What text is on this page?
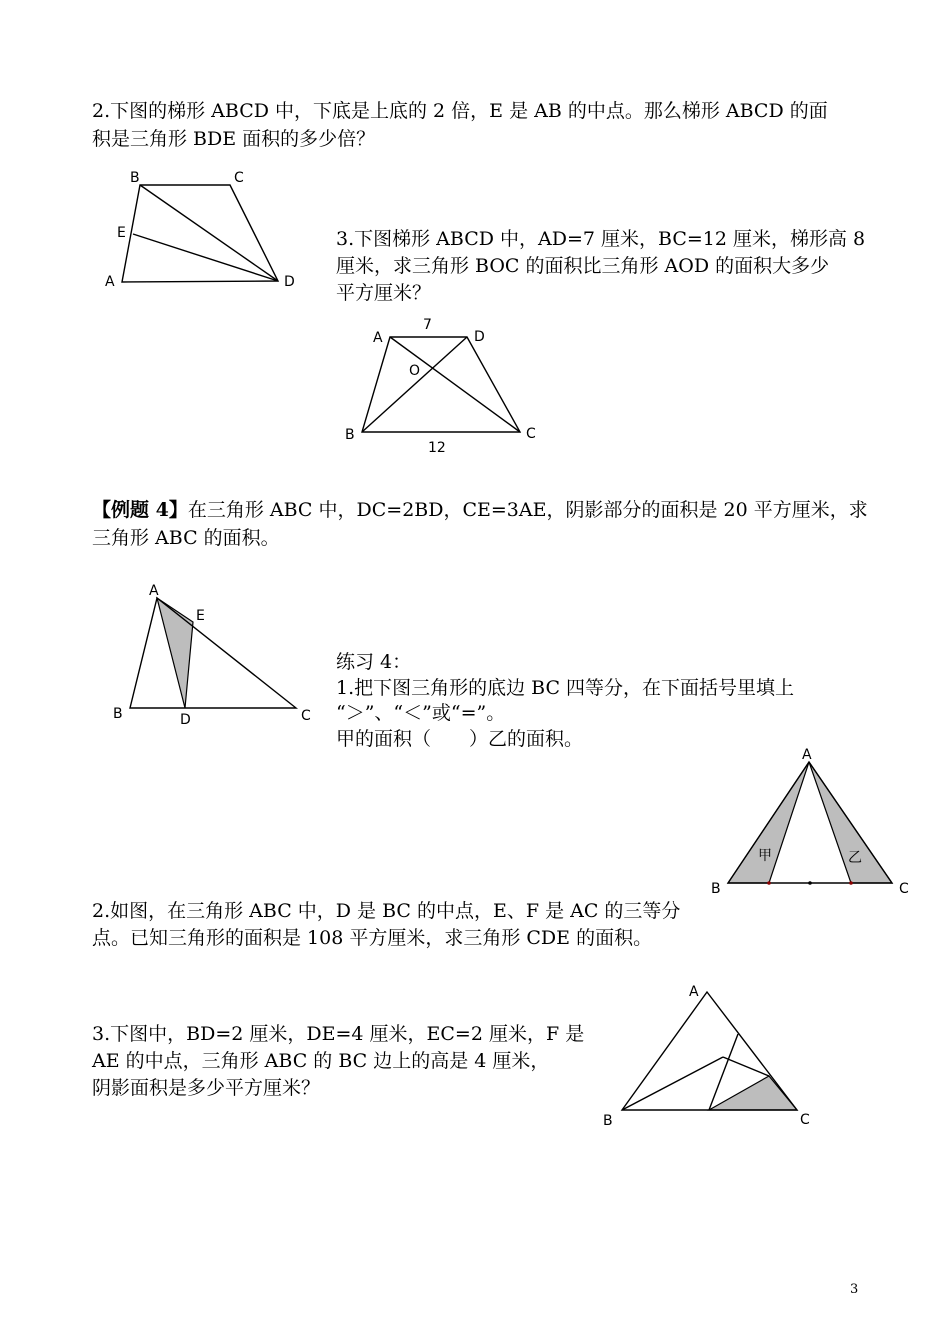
2.下图的梯形 ABCD 中，下底是上底的 2 倍，E 是 AB 的中点。那么梯形 ABCD 的面

积是三角形 BDE 面积的多少倍？

B	C
E
A	D

3.下图梯形 ABCD 中，AD=7 厘米，BC=12 厘米，梯形高 8

厘米，求三角形 BOC 的面积比三角形 AOD 的面积大多少

平方厘米？

A	D
7
O
B	C
12

【例题 4】在三角形 ABC 中，DC=2BD，CE=3AE，阴影部分的面积是 20 平方厘米，求

三角形 ABC 的面积。

A
E
B	D	C

练习 4：

1.把下图三角形的底边 BC 四等分，在下面括号里填上

“＞”、“＜”或“=”。

甲的面积（　　）乙的面积。

A
B	C
甲	乙

2.如图，在三角形 ABC 中，D 是 BC 的中点，E、F 是 AC 的三等分

点。已知三角形的面积是 108 平方厘米，求三角形 CDE 的面积。

3.下图中，BD=2 厘米，DE=4 厘米，EC=2 厘米，F 是

AE 的中点，三角形 ABC 的 BC 边上的高是 4 厘米，

阴影面积是多少平方厘米？

A
B	C

3
